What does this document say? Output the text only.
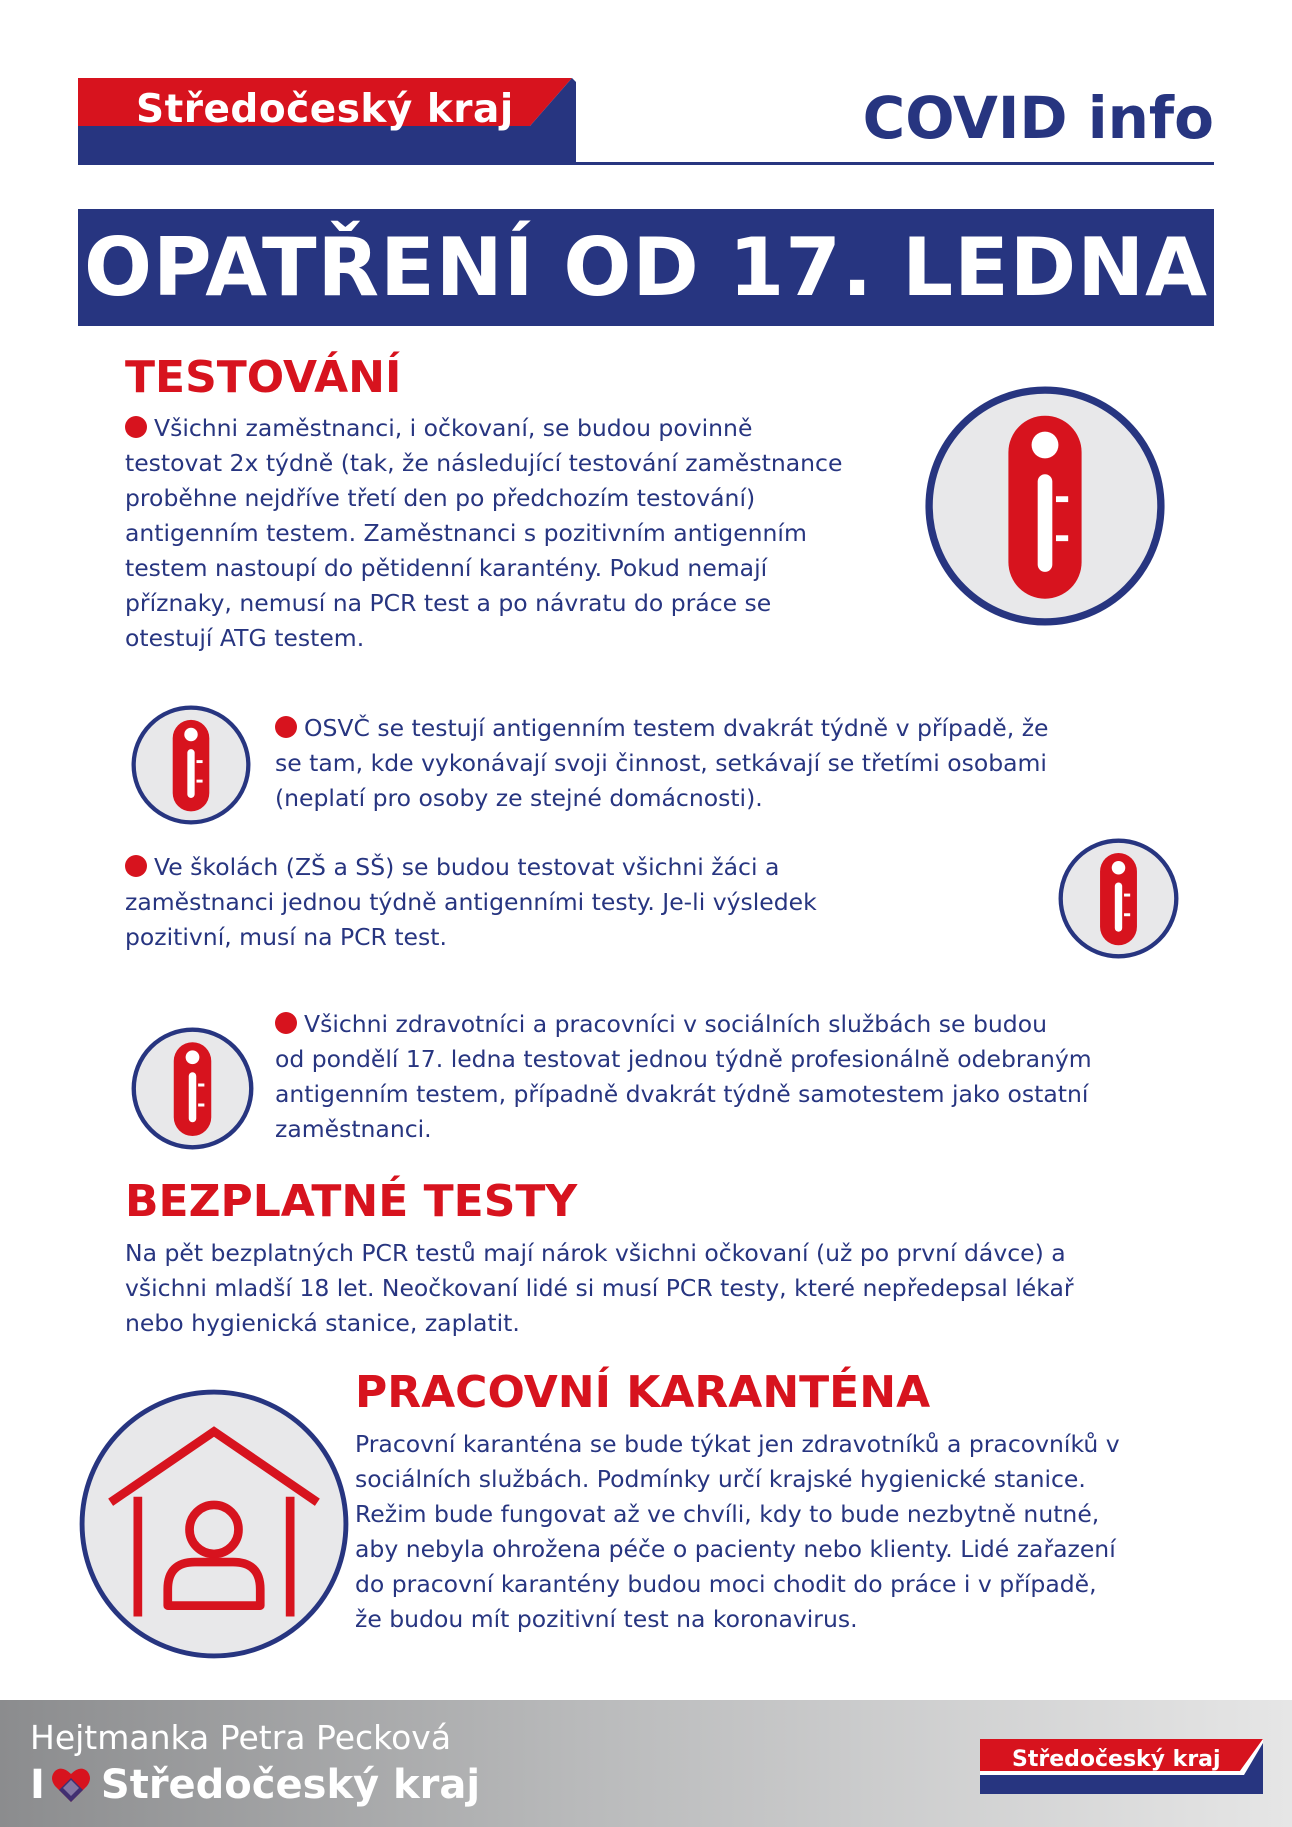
Středočeský kraj	COVID info
OPATŘENÍ OD 17. LEDNA
TESTOVÁNÍ
Všichni zaměstnanci, i očkovaní, se budou povinně
testovat 2x týdně (tak, že následující testování zaměstnance
proběhne nejdříve třetí den po předchozím testování)
antigenním testem. Zaměstnanci s pozitivním antigenním
testem nastoupí do pětidenní karantény. Pokud nemají
příznaky, nemusí na PCR test a po návratu do práce se
otestují ATG testem.
OSVČ se testují antigenním testem dvakrát týdně v případě, že
se tam, kde vykonávají svoji činnost, setkávají se třetími osobami
(neplatí pro osoby ze stejné domácnosti).
Ve školách (ZŠ a SŠ) se budou testovat všichni žáci a
zaměstnanci jednou týdně antigenními testy. Je-li výsledek
pozitivní, musí na PCR test.
Všichni zdravotníci a pracovníci v sociálních službách se budou
od pondělí 17. ledna testovat jednou týdně profesionálně odebraným
antigenním testem, případně dvakrát týdně samotestem jako ostatní
zaměstnanci.
BEZPLATNÉ TESTY
Na pět bezplatných PCR testů mají nárok všichni očkovaní (už po první dávce) a
všichni mladší 18 let. Neočkovaní lidé si musí PCR testy, které nepředepsal lékař
nebo hygienická stanice, zaplatit.
PRACOVNÍ KARANTÉNA
Pracovní karanténa se bude týkat jen zdravotníků a pracovníků v
sociálních službách. Podmínky určí krajské hygienické stanice.
Režim bude fungovat až ve chvíli, kdy to bude nezbytně nutné,
aby nebyla ohrožena péče o pacienty nebo klienty. Lidé zařazení
do pracovní karantény budou moci chodit do práce i v případě,
že budou mít pozitivní test na koronavirus.
Hejtmanka Petra Pecková
I Středočeský kraj
Středočeský kraj
